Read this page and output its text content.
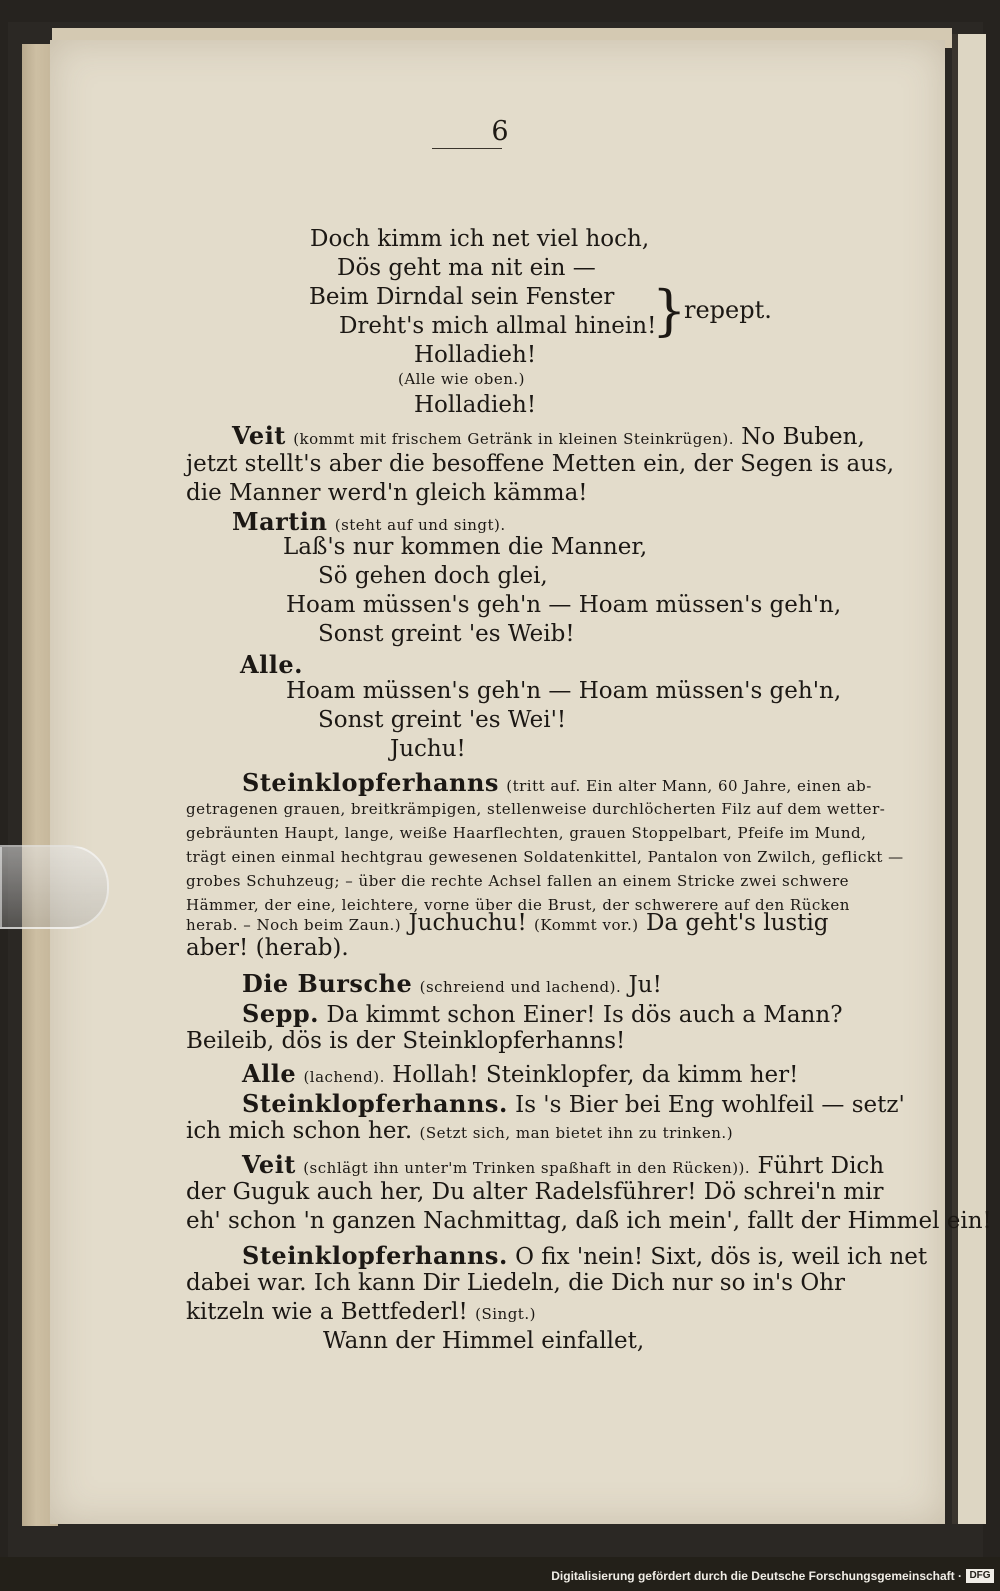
6
Doch kimm ich net viel hoch,
Dös geht ma nit ein —
Beim Dirndal sein Fenster
Dreht's mich allmal hinein!
}
repept.
Holladieh!
(Alle wie oben.)
Holladieh!
Veit (kommt mit frischem Getränk in kleinen Steinkrügen). No Buben,
jetzt stellt's aber die besoffene Metten ein, der Segen is aus,
die Manner werd'n gleich kämma!
Martin (steht auf und singt).
Laß's nur kommen die Manner,
Sö gehen doch glei,
Hoam müssen's geh'n — Hoam müssen's geh'n,
Sonst greint 'es Weib!
Alle.
Hoam müssen's geh'n — Hoam müssen's geh'n,
Sonst greint 'es Wei'!
Juchu!
Steinklopferhanns (tritt auf. Ein alter Mann, 60 Jahre, einen ab-
getragenen grauen, breitkrämpigen, stellenweise durchlöcherten Filz auf dem wetter-
gebräunten Haupt, lange, weiße Haarflechten, grauen Stoppelbart, Pfeife im Mund,
trägt einen einmal hechtgrau gewesenen Soldatenkittel, Pantalon von Zwilch, geflickt —
grobes Schuhzeug; – über die rechte Achsel fallen an einem Stricke zwei schwere
Hämmer, der eine, leichtere, vorne über die Brust, der schwerere auf den Rücken
herab. – Noch beim Zaun.) Juchuchu! (Kommt vor.) Da geht's lustig
aber! (herab).
Die Bursche (schreiend und lachend). Ju!
Sepp. Da kimmt schon Einer! Is dös auch a Mann?
Beileib, dös is der Steinklopferhanns!
Alle (lachend). Hollah! Steinklopfer, da kimm her!
Steinklopferhanns. Is 's Bier bei Eng wohlfeil — setz'
ich mich schon her. (Setzt sich, man bietet ihn zu trinken.)
Veit (schlägt ihn unter'm Trinken spaßhaft in den Rücken)). Führt Dich
der Guguk auch her, Du alter Radelsführer! Dö schrei'n mir
eh' schon 'n ganzen Nachmittag, daß ich mein', fallt der Himmel ein!
Steinklopferhanns. O fix 'nein! Sixt, dös is, weil ich net
dabei war. Ich kann Dir Liedeln, die Dich nur so in's Ohr
kitzeln wie a Bettfederl! (Singt.)
Wann der Himmel einfallet,
Digitalisierung gefördert durch die Deutsche Forschungsgemeinschaft · DFG
